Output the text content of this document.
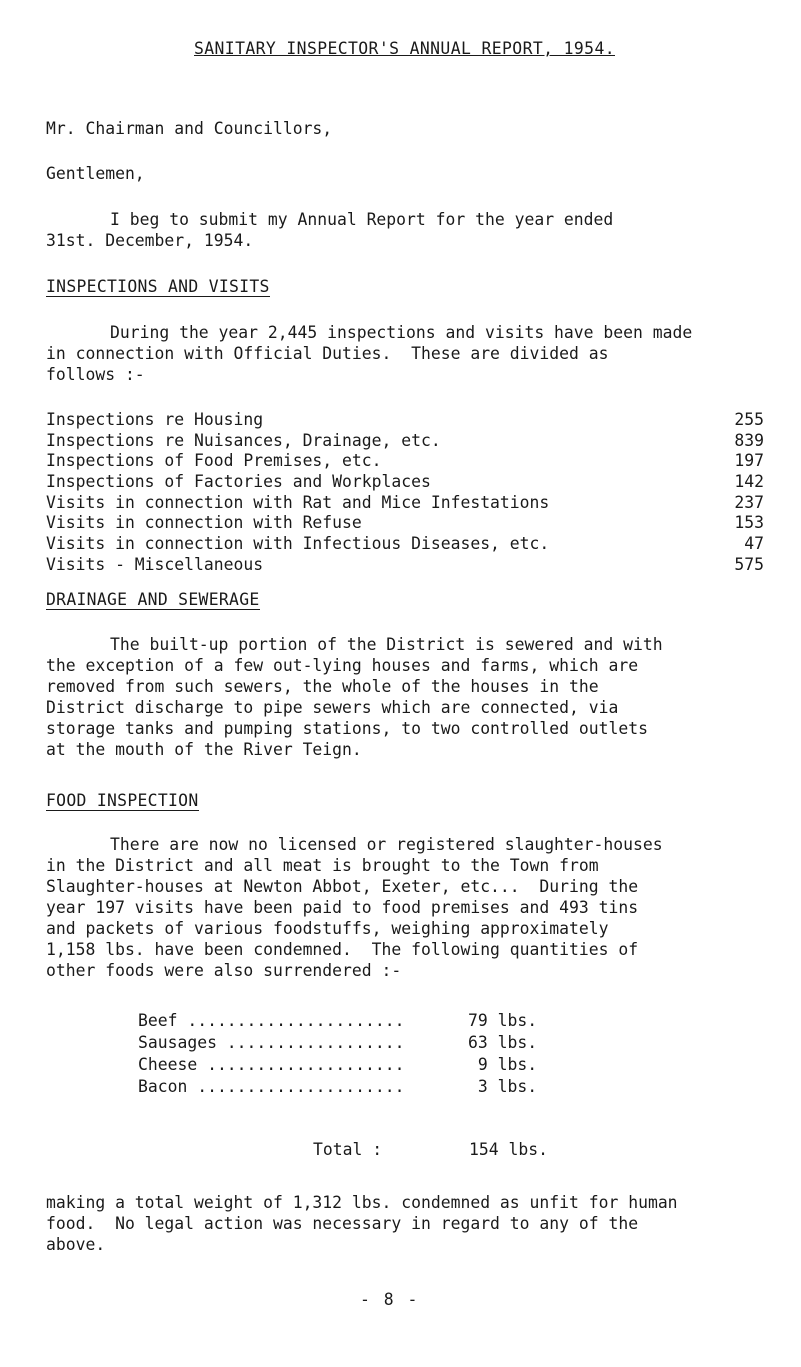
SANITARY INSPECTOR'S ANNUAL REPORT, 1954.
Mr. Chairman and Councillors,
Gentlemen,
I beg to submit my Annual Report for the year ended
31st. December, 1954.
INSPECTIONS AND VISITS
During the year 2,445 inspections and visits have been made
in connection with Official Duties.  These are divided as
follows :-
Inspections re Housing	255
Inspections re Nuisances, Drainage, etc.	839
Inspections of Food Premises, etc.	197
Inspections of Factories and Workplaces	142
Visits in connection with Rat and Mice Infestations	237
Visits in connection with Refuse	153
Visits in connection with Infectious Diseases, etc.	47
Visits - Miscellaneous	575
DRAINAGE AND SEWERAGE
The built-up portion of the District is sewered and with
the exception of a few out-lying houses and farms, which are
removed from such sewers, the whole of the houses in the
District discharge to pipe sewers which are connected, via
storage tanks and pumping stations, to two controlled outlets
at the mouth of the River Teign.
FOOD INSPECTION
There are now no licensed or registered slaughter-houses
in the District and all meat is brought to the Town from
Slaughter-houses at Newton Abbot, Exeter, etc...  During the
year 197 visits have been paid to food premises and 493 tins
and packets of various foodstuffs, weighing approximately
1,158 lbs. have been condemned.  The following quantities of
other foods were also surrendered :-
Beef ......................	79 lbs.
Sausages ..................	63 lbs.
Cheese ....................	9 lbs.
Bacon .....................	3 lbs.
Total :	154 lbs.
making a total weight of 1,312 lbs. condemned as unfit for human
food.  No legal action was necessary in regard to any of the
above.
- 8 -
